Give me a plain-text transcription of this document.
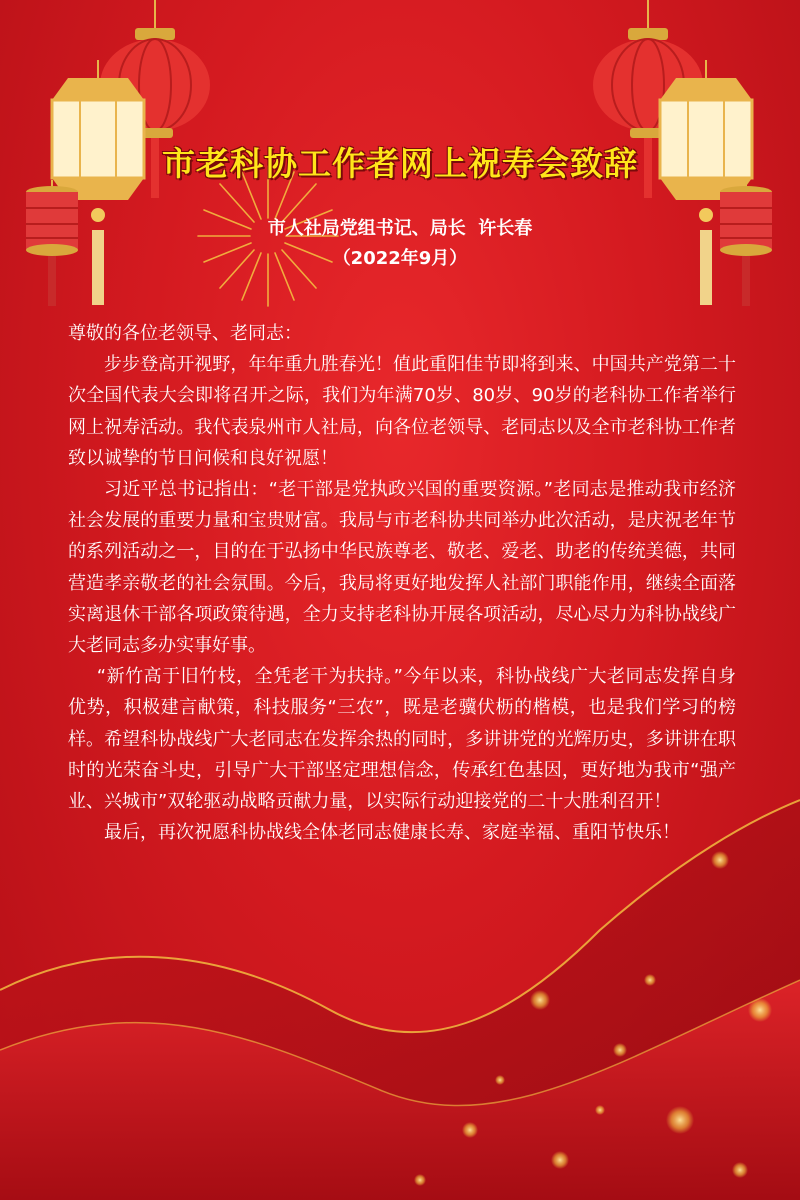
市老科协工作者网上祝寿会致辞
市人社局党组书记、局长  许长春
（2022年9月）

尊敬的各位老领导、老同志：

步步登高开视野，年年重九胜春光！值此重阳佳节即将到来、中国共产党第二十次全国代表大会即将召开之际，我们为年满70岁、80岁、90岁的老科协工作者举行网上祝寿活动。我代表泉州市人社局，向各位老领导、老同志以及全市老科协工作者致以诚挚的节日问候和良好祝愿！

习近平总书记指出：“老干部是党执政兴国的重要资源。”老同志是推动我市经济社会发展的重要力量和宝贵财富。我局与市老科协共同举办此次活动，是庆祝老年节的系列活动之一，目的在于弘扬中华民族尊老、敬老、爱老、助老的传统美德，共同营造孝亲敬老的社会氛围。今后，我局将更好地发挥人社部门职能作用，继续全面落实离退休干部各项政策待遇，全力支持老科协开展各项活动，尽心尽力为科协战线广大老同志多办实事好事。

“新竹高于旧竹枝，全凭老干为扶持。”今年以来，科协战线广大老同志发挥自身优势，积极建言献策，科技服务“三农”，既是老骥伏枥的楷模，也是我们学习的榜样。希望科协战线广大老同志在发挥余热的同时，多讲讲党的光辉历史，多讲讲在职时的光荣奋斗史，引导广大干部坚定理想信念，传承红色基因，更好地为我市“强产业、兴城市”双轮驱动战略贡献力量，以实际行动迎接党的二十大胜利召开！

最后，再次祝愿科协战线全体老同志健康长寿、家庭幸福、重阳节快乐！
